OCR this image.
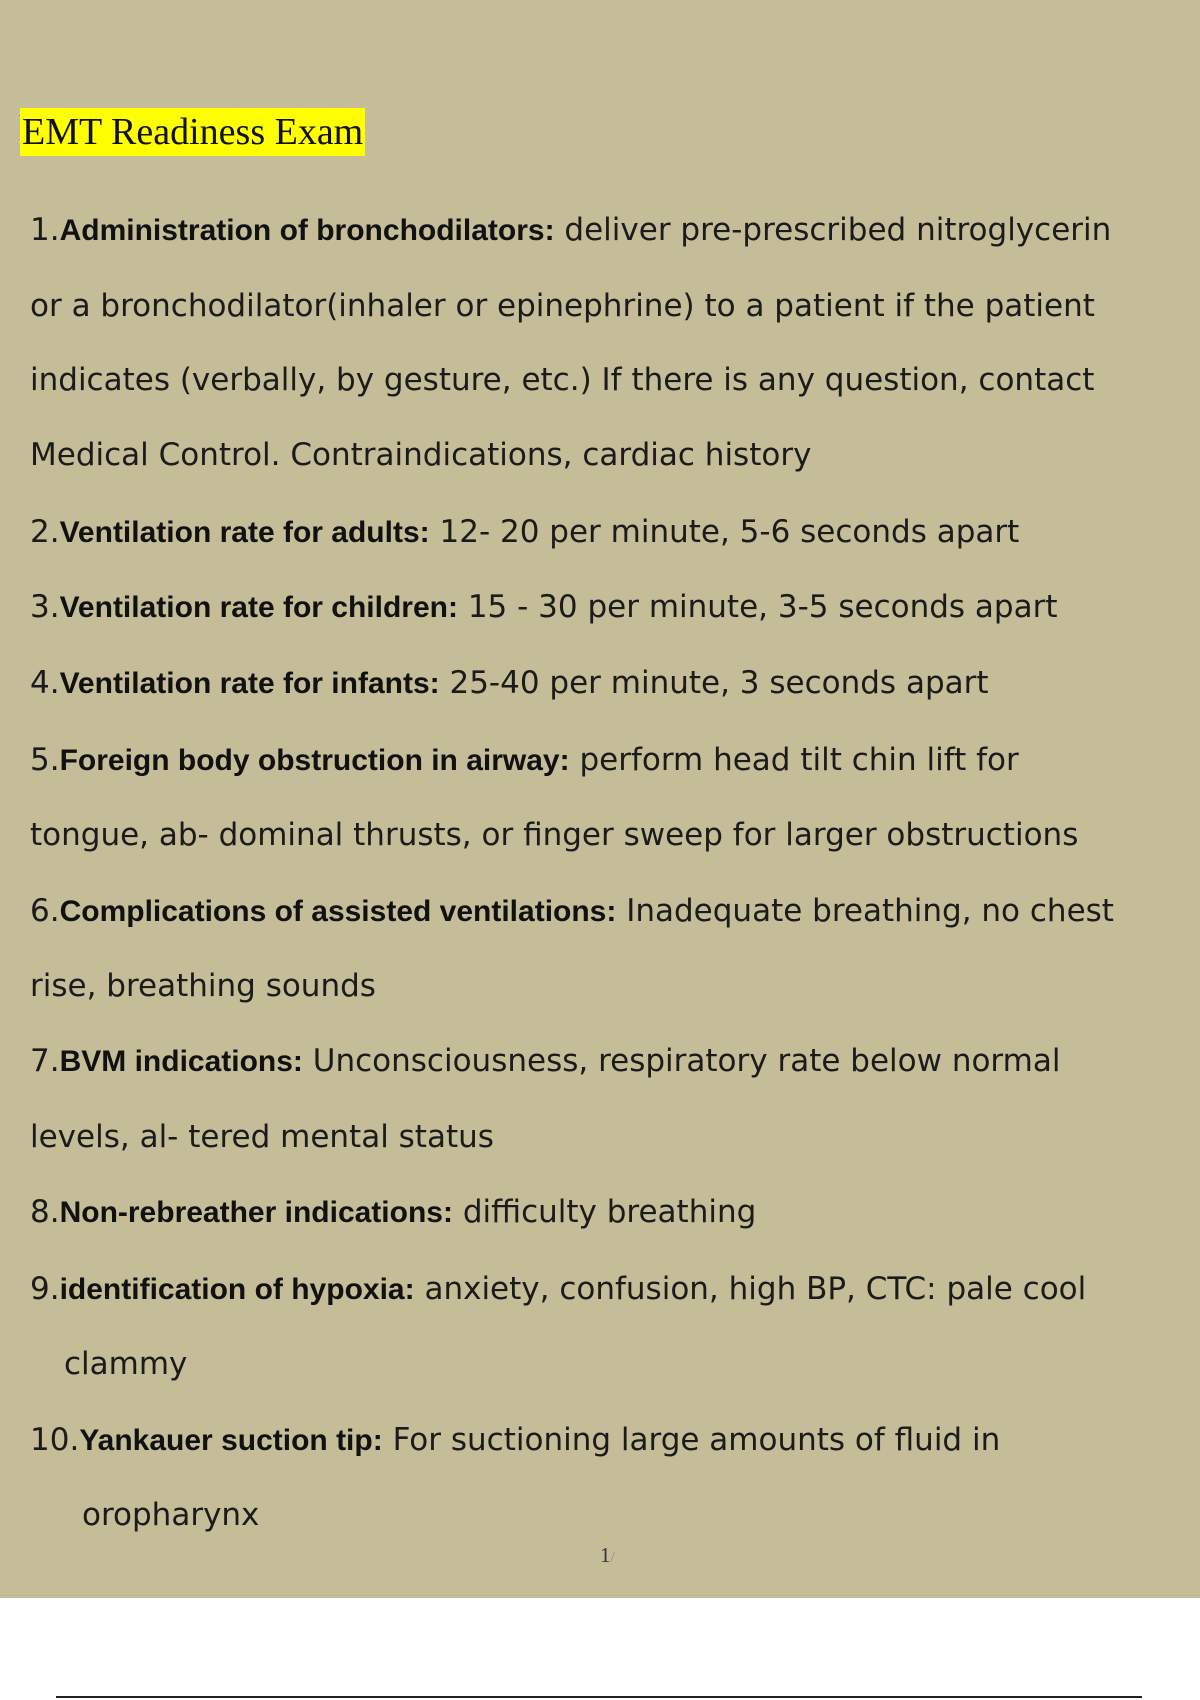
EMT Readiness Exam
1.Administration of bronchodilators: deliver pre-prescribed nitroglycerin
or a bronchodilator(inhaler or epinephrine) to a patient if the patient
indicates (verbally, by gesture, etc.) If there is any question, contact
Medical Control. Contraindications, cardiac history
2.Ventilation rate for adults: 12- 20 per minute, 5-6 seconds apart
3.Ventilation rate for children: 15 - 30 per minute, 3-5 seconds apart
4.Ventilation rate for infants: 25-40 per minute, 3 seconds apart
5.Foreign body obstruction in airway: perform head tilt chin lift for
tongue, ab- dominal thrusts, or finger sweep for larger obstructions
6.Complications of assisted ventilations: Inadequate breathing, no chest
rise, breathing sounds
7.BVM indications: Unconsciousness, respiratory rate below normal
levels, al- tered mental status
8.Non-rebreather indications: difficulty breathing
9.identification of hypoxia: anxiety, confusion, high BP, CTC: pale cool
clammy
10.Yankauer suction tip: For suctioning large amounts of fluid in
oropharynx
1/
